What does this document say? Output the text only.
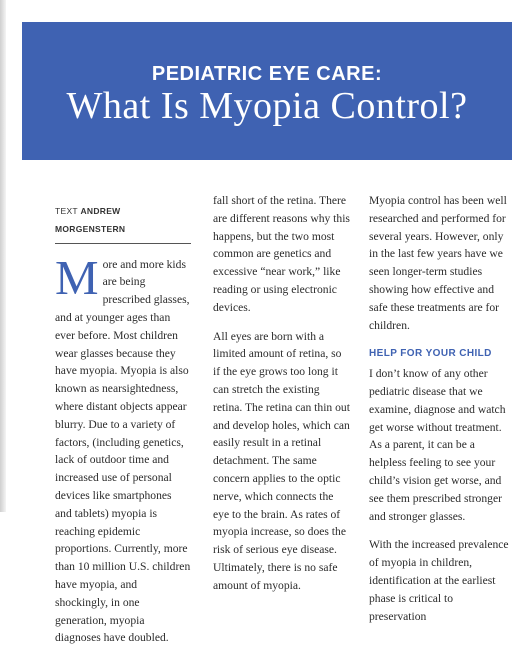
PEDIATRIC EYE CARE:
What Is Myopia Control?
TEXT ANDREW MORGENSTERN

More and more kids are being prescribed glasses, and at younger ages than ever before. Most children wear glasses because they have myopia. Myopia is also known as nearsightedness, where distant objects appear blurry. Due to a variety of factors, (including genetics, lack of outdoor time and increased use of personal devices like smartphones and tablets) myopia is reaching epidemic proportions. Currently, more than 10 million U.S. children have myopia, and shockingly, in one generation, myopia diagnoses have doubled.

fall short of the retina. There are different reasons why this happens, but the two most common are genetics and excessive “near work,” like reading or using electronic devices.

All eyes are born with a limited amount of retina, so if the eye grows too long it can stretch the existing retina. The retina can thin out and develop holes, which can easily result in a retinal detachment. The same concern applies to the optic nerve, which connects the eye to the brain. As rates of myopia increase, so does the risk of serious eye disease. Ultimately, there is no safe amount of myopia.

Myopia control has been well researched and performed for several years. However, only in the last few years have we seen longer-term studies showing how effective and safe these treatments are for children.

HELP FOR YOUR CHILD

I don’t know of any other pediatric disease that we examine, diagnose and watch get worse without treatment. As a parent, it can be a helpless feeling to see your child’s vision get worse, and see them prescribed stronger and stronger glasses.

With the increased prevalence of myopia in children, identification at the earliest phase is critical to preservation
